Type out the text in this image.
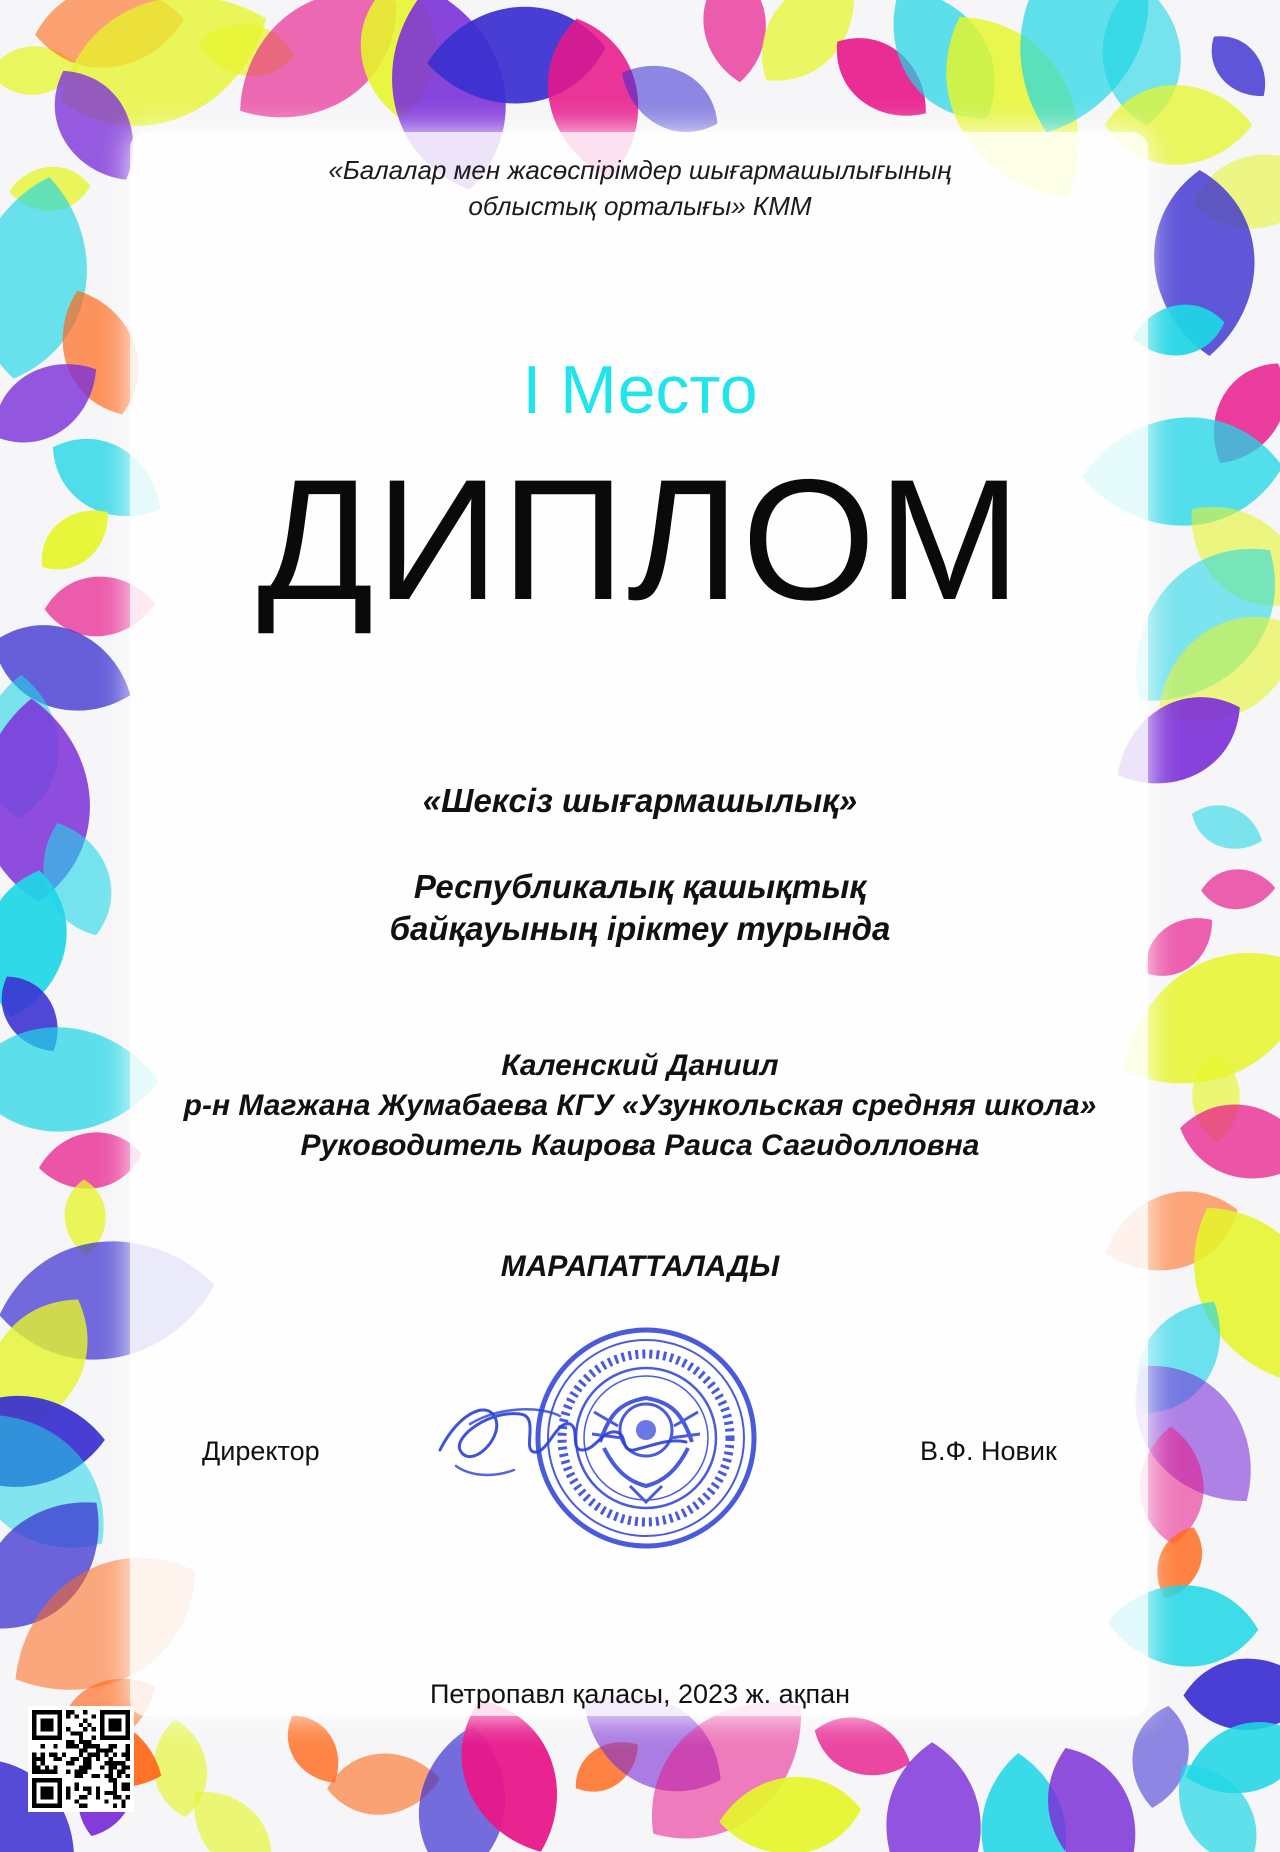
«Балалар мен жасөспірімдер шығармашылығының
облыстық орталығы» КММ
I Место
ДИПЛОМ
«Шексіз шығармашылық»
Республикалық қашықтық
байқауының іріктеу турында
Каленский Даниил
р-н Магжана Жумабаева КГУ «Узункольская средняя школа»
Руководитель Каирова Раиса Сагидолловна
МАРАПАТТАЛАДЫ
Директор	В.Ф. Новик
Петропавл қаласы, 2023 ж. ақпан
